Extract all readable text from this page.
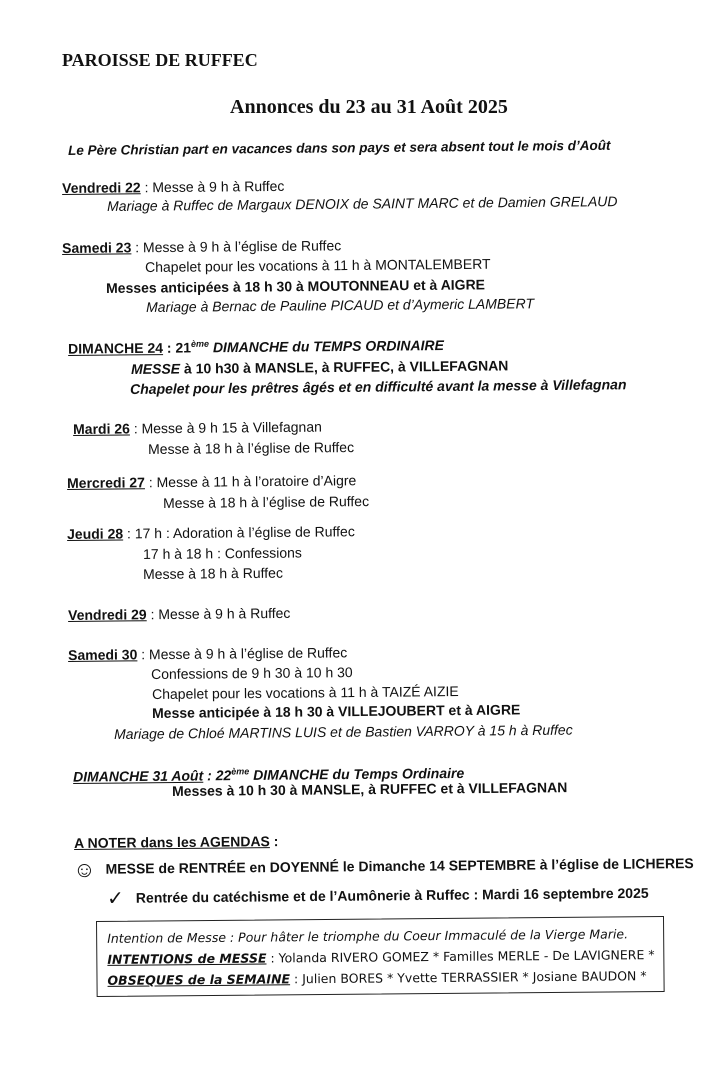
PAROISSE DE RUFFEC
Annonces du 23 au 31 Août 2025
Le Père Christian part en vacances dans son pays et sera absent tout le mois d’Août
Vendredi 22 : Messe à 9 h à Ruffec
Mariage à Ruffec de Margaux DENOIX de SAINT MARC et de Damien GRELAUD
Samedi 23 : Messe à 9 h à l’église de Ruffec
Chapelet pour les vocations à 11 h à MONTALEMBERT
Messes anticipées à 18 h 30 à MOUTONNEAU et à AIGRE
Mariage à Bernac de Pauline PICAUD et d’Aymeric LAMBERT
DIMANCHE 24 : 21ème DIMANCHE du TEMPS ORDINAIRE
MESSE à 10 h30 à MANSLE, à RUFFEC, à VILLEFAGNAN
Chapelet pour les prêtres âgés et en difficulté avant la messe à Villefagnan
Mardi 26 : Messe à 9 h 15 à Villefagnan
Messe à 18 h à l’église de Ruffec
Mercredi 27 : Messe à 11 h à l’oratoire d’Aigre
Messe à 18 h à l’église de Ruffec
Jeudi 28 : 17 h : Adoration à l’église de Ruffec
17 h à 18 h : Confessions
Messe à 18 h à Ruffec
Vendredi 29 : Messe à 9 h à Ruffec
Samedi 30 : Messe à 9 h à l’église de Ruffec
Confessions de 9 h 30 à 10 h 30
Chapelet pour les vocations à 11 h à TAIZÉ AIZIE
Messe anticipée à 18 h 30 à VILLEJOUBERT et à AIGRE
Mariage de Chloé MARTINS LUIS et de Bastien VARROY à 15 h à Ruffec
DIMANCHE 31 Août : 22ème DIMANCHE du Temps Ordinaire
Messes à 10 h 30 à MANSLE, à RUFFEC et à VILLEFAGNAN
A NOTER dans les AGENDAS :
☺ MESSE de RENTRÉE en DOYENNÉ le Dimanche 14 SEPTEMBRE à l’église de LICHERES
✓ Rentrée du catéchisme et de l’Aumônerie à Ruffec : Mardi 16 septembre 2025
Intention de Messe : Pour hâter le triomphe du Coeur Immaculé de la Vierge Marie.
INTENTIONS de MESSE : Yolanda RIVERO GOMEZ * Familles MERLE - De LAVIGNERE *
OBSEQUES de la SEMAINE : Julien BORES * Yvette TERRASSIER * Josiane BAUDON *
